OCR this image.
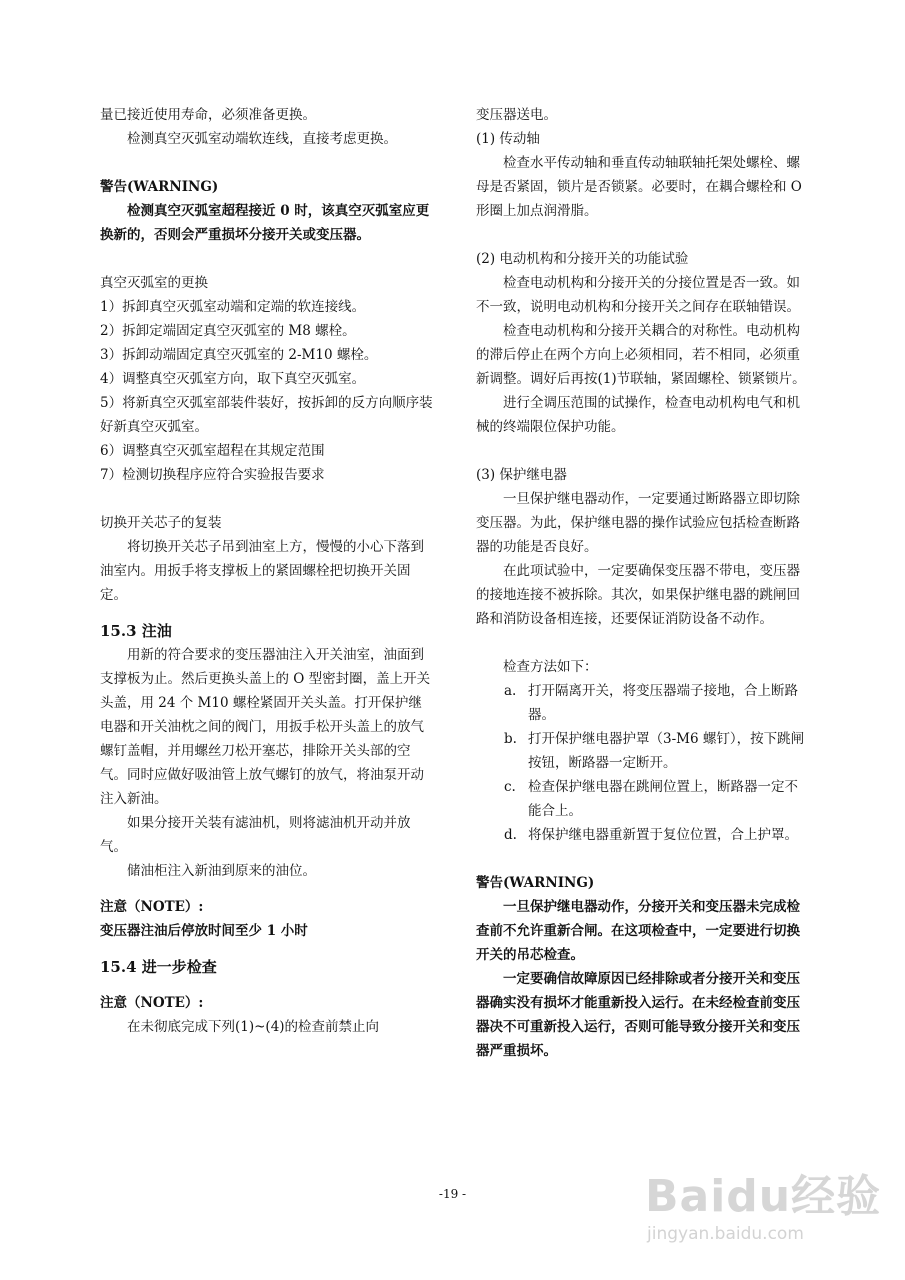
量已接近使用寿命，必须准备更换。

检测真空灭弧室动端软连线，直接考虑更换。

警告(WARNING)

检测真空灭弧室超程接近 0 时，该真空灭弧室应更换新的，否则会严重损坏分接开关或变压器。

真空灭弧室的更换

1）拆卸真空灭弧室动端和定端的软连接线。

2）拆卸定端固定真空灭弧室的 M8 螺栓。

3）拆卸动端固定真空灭弧室的 2-M10 螺栓。

4）调整真空灭弧室方向，取下真空灭弧室。

5）将新真空灭弧室部装件装好，按拆卸的反方向顺序装好新真空灭弧室。

6）调整真空灭弧室超程在其规定范围

7）检测切换程序应符合实验报告要求

切换开关芯子的复装

将切换开关芯子吊到油室上方，慢慢的小心下落到油室内。用扳手将支撑板上的紧固螺栓把切换开关固定。

15.3 注油

用新的符合要求的变压器油注入开关油室，油面到支撑板为止。然后更换头盖上的 O 型密封圈，盖上开关头盖，用 24 个 M10 螺栓紧固开关头盖。打开保护继电器和开关油枕之间的阀门，用扳手松开头盖上的放气螺钉盖帽，并用螺丝刀松开塞芯，排除开关头部的空气。同时应做好吸油管上放气螺钉的放气，将油泵开动注入新油。

如果分接开关装有滤油机，则将滤油机开动并放气。

储油柜注入新油到原来的油位。

注意（NOTE）:

变压器注油后停放时间至少 1 小时

15.4 进一步检查

注意（NOTE）:

在未彻底完成下列(1)~(4)的检查前禁止向

变压器送电。

(1) 传动轴

检查水平传动轴和垂直传动轴联轴托架处螺栓、螺母是否紧固，锁片是否锁紧。必要时，在耦合螺栓和 O 形圈上加点润滑脂。

(2) 电动机构和分接开关的功能试验

检查电动机构和分接开关的分接位置是否一致。如不一致，说明电动机构和分接开关之间存在联轴错误。

检查电动机构和分接开关耦合的对称性。电动机构的滞后停止在两个方向上必须相同，若不相同，必须重新调整。调好后再按(1)节联轴，紧固螺栓、锁紧锁片。

进行全调压范围的试操作，检查电动机构电气和机械的终端限位保护功能。

(3) 保护继电器

一旦保护继电器动作，一定要通过断路器立即切除变压器。为此，保护继电器的操作试验应包括检查断路器的功能是否良好。

在此项试验中，一定要确保变压器不带电，变压器的接地连接不被拆除。其次，如果保护继电器的跳闸回路和消防设备相连接，还要保证消防设备不动作。

检查方法如下：

a. 打开隔离开关，将变压器端子接地，合上断路器。
b. 打开保护继电器护罩（3-M6 螺钉），按下跳闸按钮，断路器一定断开。
c. 检查保护继电器在跳闸位置上，断路器一定不能合上。
d. 将保护继电器重新置于复位位置，合上护罩。

警告(WARNING)

一旦保护继电器动作，分接开关和变压器未完成检查前不允许重新合闸。在这项检查中，一定要进行切换开关的吊芯检查。

一定要确信故障原因已经排除或者分接开关和变压器确实没有损坏才能重新投入运行。在未经检查前变压器决不可重新投入运行，否则可能导致分接开关和变压器严重损坏。

-19 -	Baidu经验
jingyan.baidu.com
